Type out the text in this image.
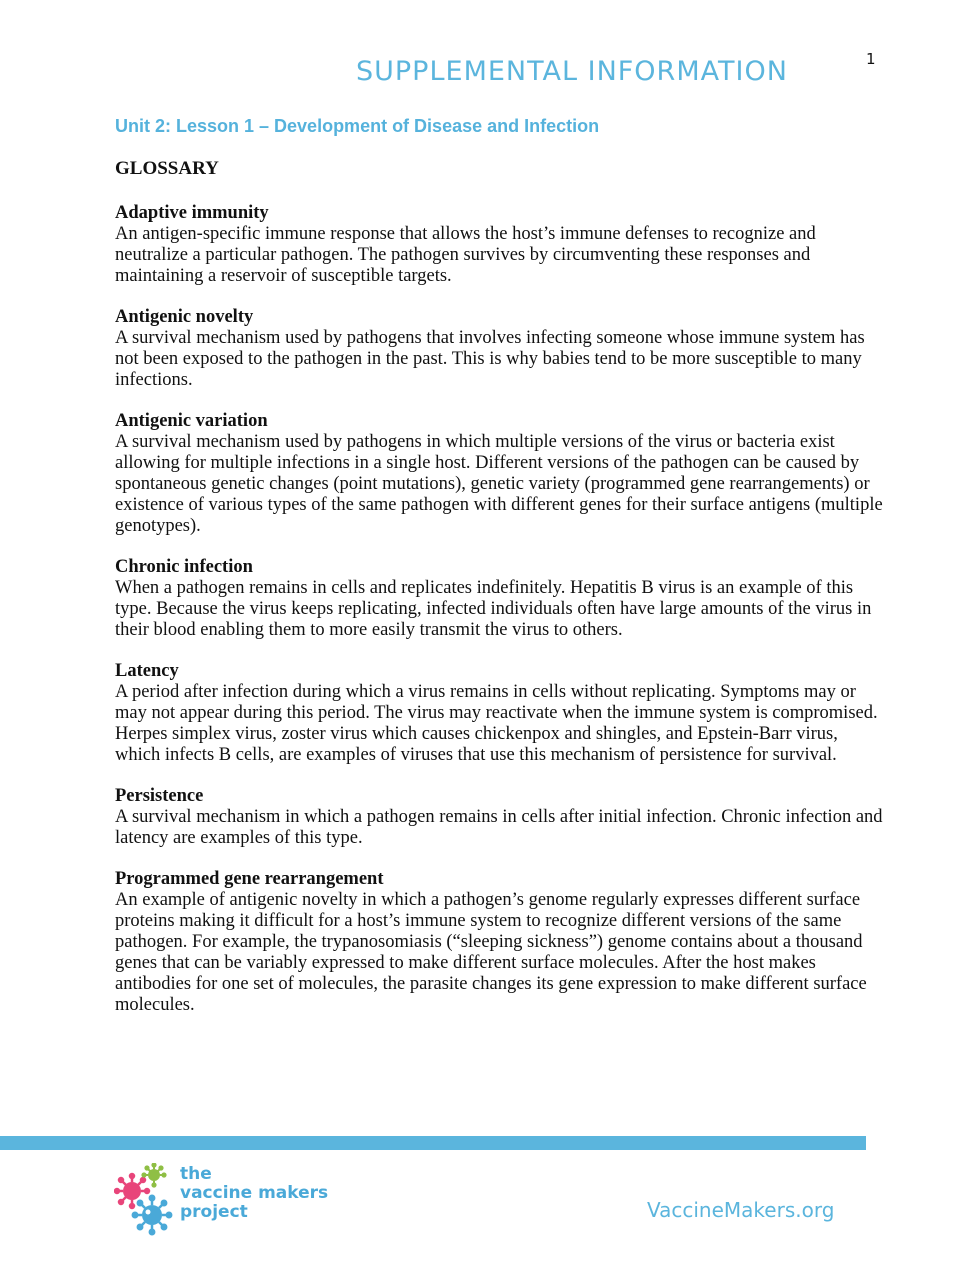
1
SUPPLEMENTAL INFORMATION
Unit 2: Lesson 1 – Development of Disease and Infection
GLOSSARY
Adaptive immunity

An antigen-specific immune response that allows the host’s immune defenses to recognize and neutralize a particular pathogen. The pathogen survives by circumventing these responses and maintaining a reservoir of susceptible targets.

Antigenic novelty

A survival mechanism used by pathogens that involves infecting someone whose immune system has not been exposed to the pathogen in the past. This is why babies tend to be more susceptible to many infections.

Antigenic variation

A survival mechanism used by pathogens in which multiple versions of the virus or bacteria exist allowing for multiple infections in a single host. Different versions of the pathogen can be caused by spontaneous genetic changes (point mutations), genetic variety (programmed gene rearrangements) or existence of various types of the same pathogen with different genes for their surface antigens (multiple genotypes).

Chronic infection

When a pathogen remains in cells and replicates indefinitely. Hepatitis B virus is an example of this type. Because the virus keeps replicating, infected individuals often have large amounts of the virus in their blood enabling them to more easily transmit the virus to others.

Latency

A period after infection during which a virus remains in cells without replicating. Symptoms may or may not appear during this period. The virus may reactivate when the immune system is compromised. Herpes simplex virus, zoster virus which causes chickenpox and shingles, and Epstein-Barr virus, which infects B cells, are examples of viruses that use this mechanism of persistence for survival.

Persistence

A survival mechanism in which a pathogen remains in cells after initial infection. Chronic infection and latency are examples of this type.

Programmed gene rearrangement

An example of antigenic novelty in which a pathogen’s genome regularly expresses different surface proteins making it difficult for a host’s immune system to recognize different versions of the same pathogen. For example, the trypanosomiasis (“sleeping sickness”) genome contains about a thousand genes that can be variably expressed to make different surface molecules. After the host makes antibodies for one set of molecules, the parasite changes its gene expression to make different surface molecules.

the
vaccine makers
project	VaccineMakers.org
